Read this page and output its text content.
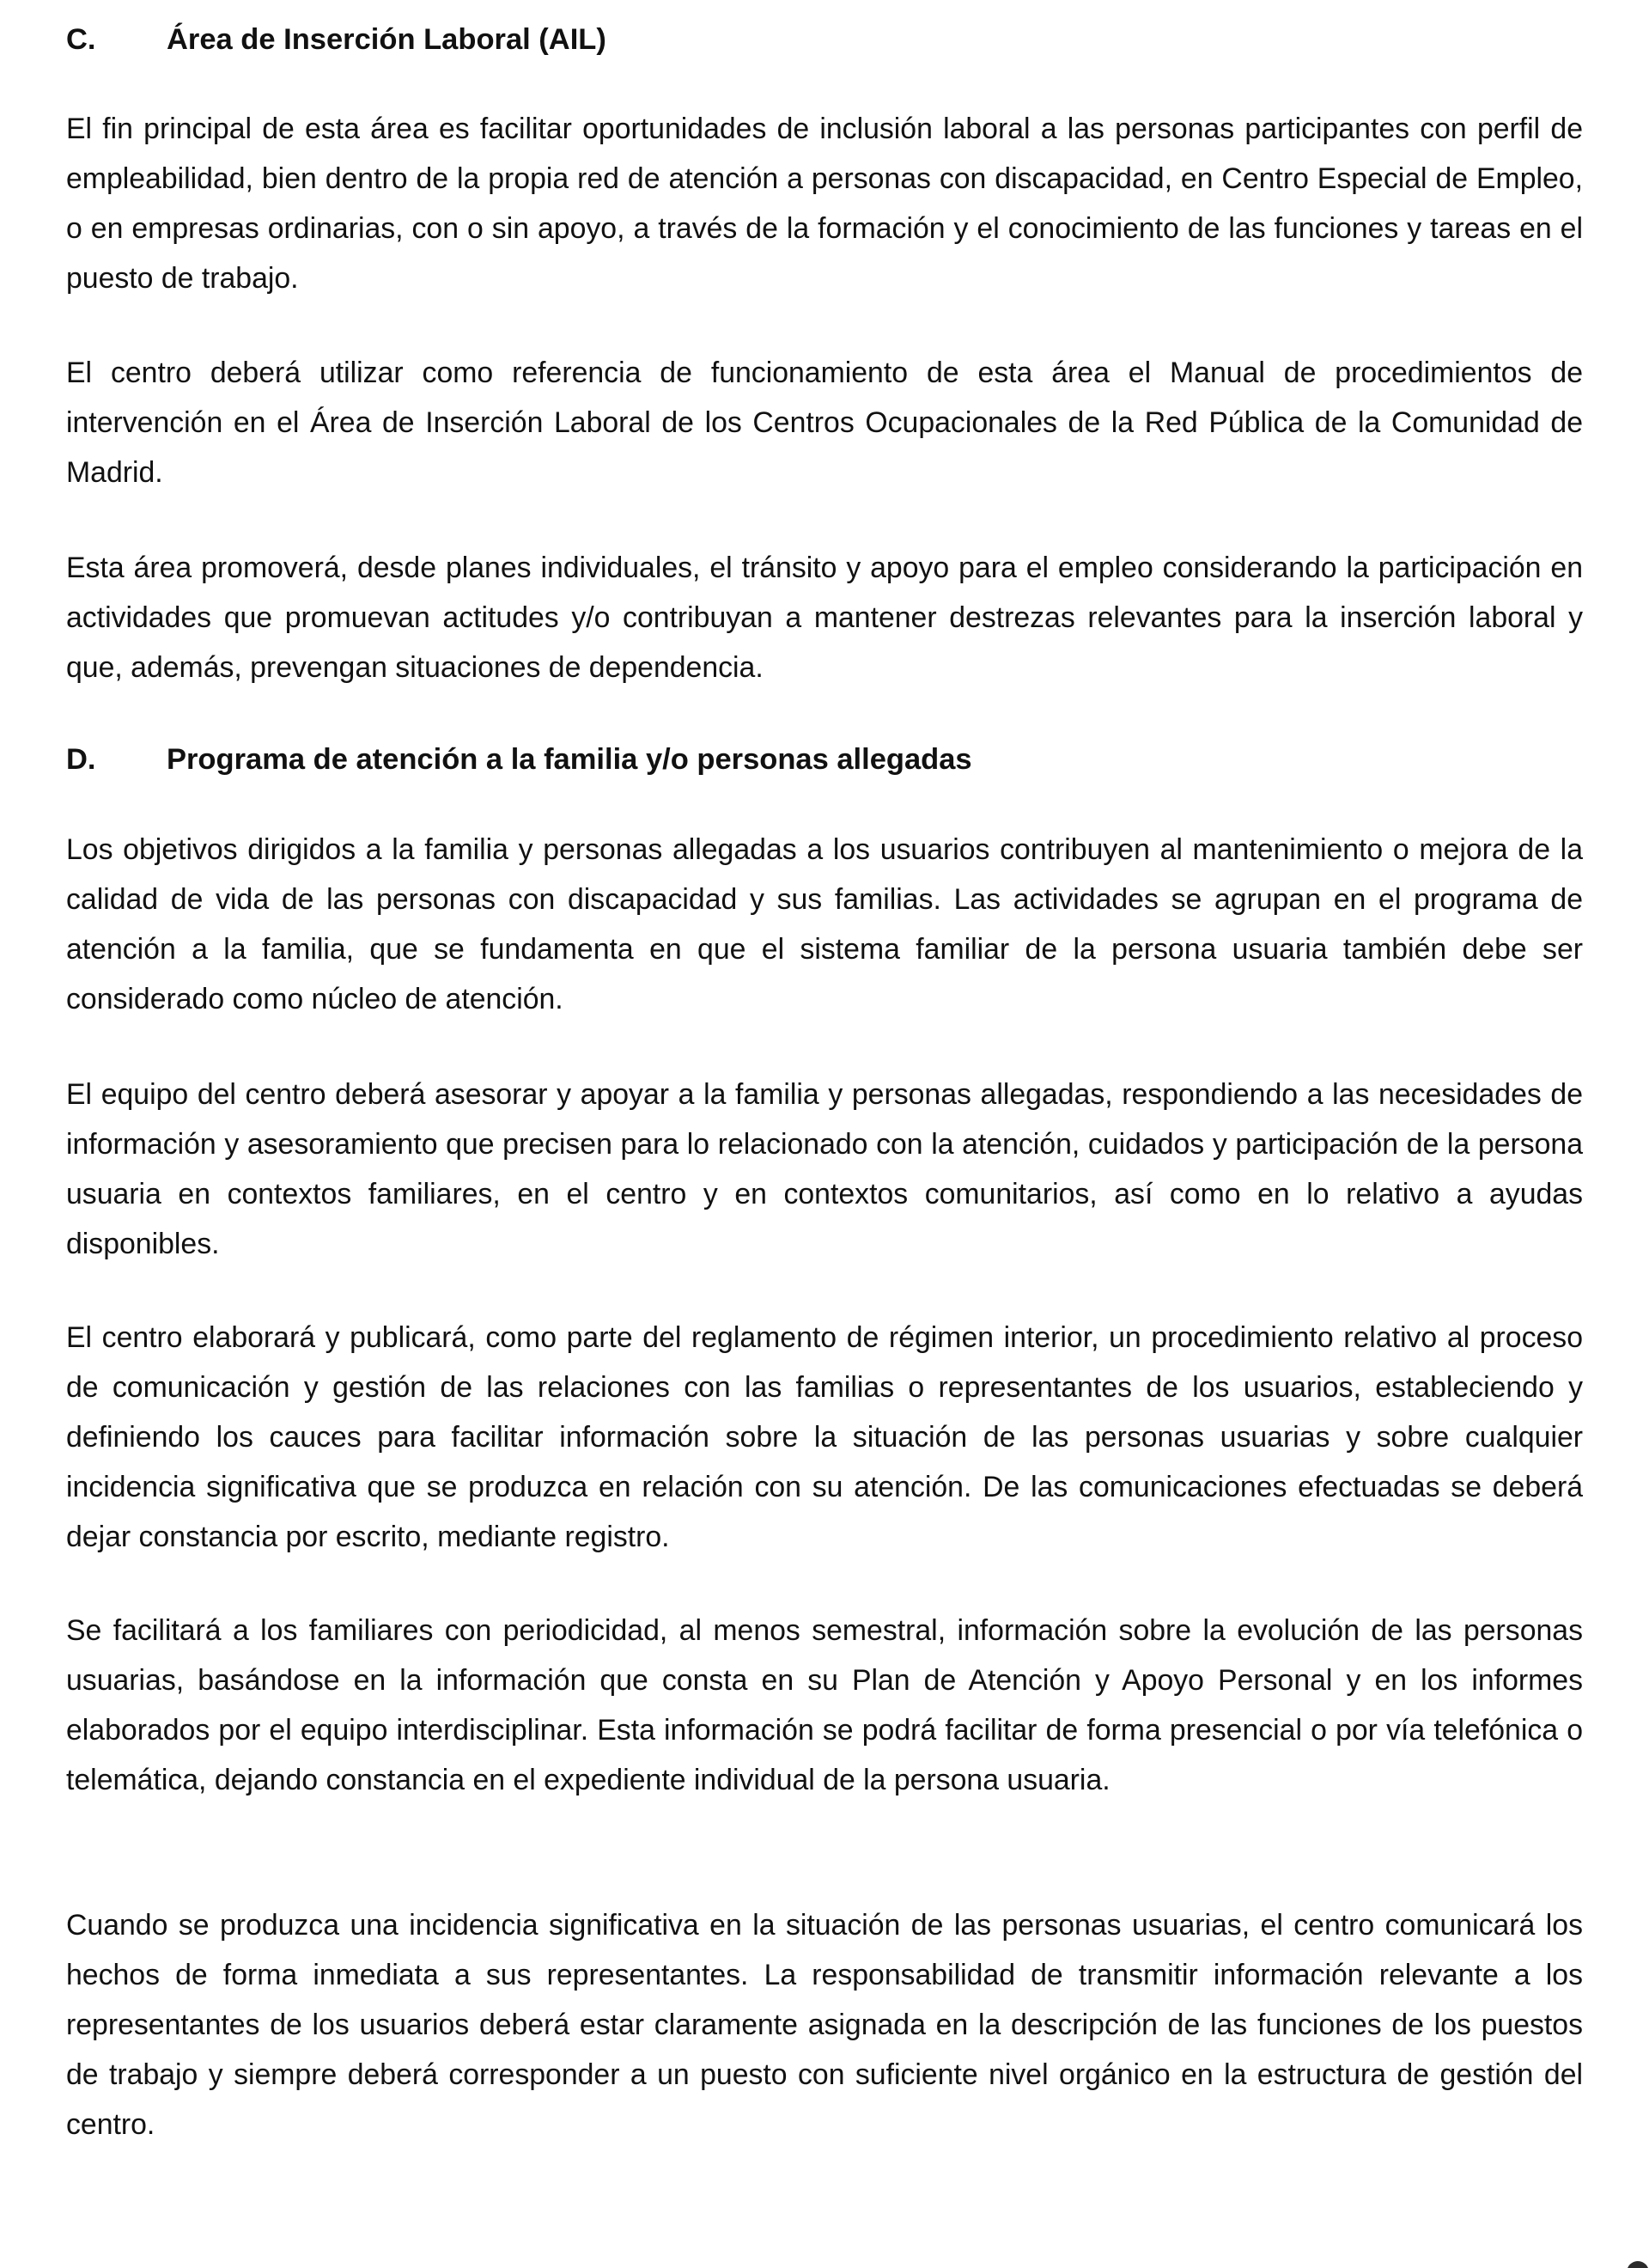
C. Área de Inserción Laboral (AIL)

El fin principal de esta área es facilitar oportunidades de inclusión laboral a las personas participantes con perfil de empleabilidad, bien dentro de la propia red de atención a personas con discapacidad, en Centro Especial de Empleo, o en empresas ordinarias, con o sin apoyo, a través de la formación y el conocimiento de las funciones y tareas en el puesto de trabajo.

El centro deberá utilizar como referencia de funcionamiento de esta área el Manual de procedimientos de intervención en el Área de Inserción Laboral de los Centros Ocupacionales de la Red Pública de la Comunidad de Madrid.

Esta área promoverá, desde planes individuales, el tránsito y apoyo para el empleo considerando la participación en actividades que promuevan actitudes y/o contribuyan a mantener destrezas relevantes para la inserción laboral y que, además, prevengan situaciones de dependencia.

D. Programa de atención a la familia y/o personas allegadas

Los objetivos dirigidos a la familia y personas allegadas a los usuarios contribuyen al mantenimiento o mejora de la calidad de vida de las personas con discapacidad y sus familias. Las actividades se agrupan en el programa de atención a la familia, que se fundamenta en que el sistema familiar de la persona usuaria también debe ser considerado como núcleo de atención.

El equipo del centro deberá asesorar y apoyar a la familia y personas allegadas, respondiendo a las necesidades de información y asesoramiento que precisen para lo relacionado con la atención, cuidados y participación de la persona usuaria en contextos familiares, en el centro y en contextos comunitarios, así como en lo relativo a ayudas disponibles.

El centro elaborará y publicará, como parte del reglamento de régimen interior, un procedimiento relativo al proceso de comunicación y gestión de las relaciones con las familias o representantes de los usuarios, estableciendo y definiendo los cauces para facilitar información sobre la situación de las personas usuarias y sobre cualquier incidencia significativa que se produzca en relación con su atención. De las comunicaciones efectuadas se deberá dejar constancia por escrito, mediante registro.

Se facilitará a los familiares con periodicidad, al menos semestral, información sobre la evolución de las personas usuarias, basándose en la información que consta en su Plan de Atención y Apoyo Personal y en los informes elaborados por el equipo interdisciplinar. Esta información se podrá facilitar de forma presencial o por vía telefónica o telemática, dejando constancia en el expediente individual de la persona usuaria.

Cuando se produzca una incidencia significativa en la situación de las personas usuarias, el centro comunicará los hechos de forma inmediata a sus representantes. La responsabilidad de transmitir información relevante a los representantes de los usuarios deberá estar claramente asignada en la descripción de las funciones de los puestos de trabajo y siempre deberá corresponder a un puesto con suficiente nivel orgánico en la estructura de gestión del centro.
